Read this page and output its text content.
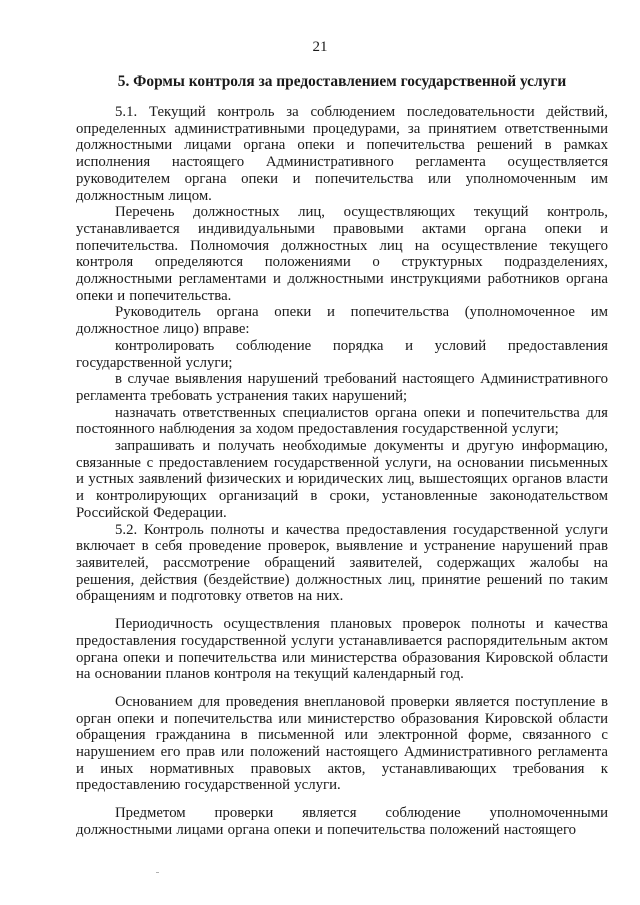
21
5. Формы контроля за предоставлением государственной услуги

5.1. Текущий контроль за соблюдением последовательности действий, определенных административными процедурами, за принятием ответственными должностными лицами органа опеки и попечительства решений в рамках исполнения настоящего Административного регламента осуществляется руководителем органа опеки и попечительства или уполномоченным им должностным лицом.

Перечень должностных лиц, осуществляющих текущий контроль, устанавливается индивидуальными правовыми актами органа опеки и попечительства. Полномочия должностных лиц на осуществление текущего контроля определяются положениями о структурных подразделениях, должностными регламентами и должностными инструкциями работников органа опеки и попечительства.

Руководитель органа опеки и попечительства (уполномоченное им должностное лицо) вправе:

контролировать соблюдение порядка и условий предоставления государственной услуги;

в случае выявления нарушений требований настоящего Административного регламента требовать устранения таких нарушений;

назначать ответственных специалистов органа опеки и попечительства для постоянного наблюдения за ходом предоставления государственной услуги;

запрашивать и получать необходимые документы и другую информацию, связанные с предоставлением государственной услуги, на основании письменных и устных заявлений физических и юридических лиц, вышестоящих органов власти и контролирующих организаций в сроки, установленные законодательством Российской Федерации.

5.2. Контроль полноты и качества предоставления государственной услуги включает в себя проведение проверок, выявление и устранение нарушений прав заявителей, рассмотрение обращений заявителей, содержащих жалобы на решения, действия (бездействие) должностных лиц, принятие решений по таким обращениям и подготовку ответов на них.

Периодичность осуществления плановых проверок полноты и качества предоставления государственной услуги устанавливается распорядительным актом органа опеки и попечительства или министерства образования Кировской области на основании планов контроля на текущий календарный год.

Основанием для проведения внеплановой проверки является поступление в орган опеки и попечительства или министерство образования Кировской области обращения гражданина в письменной или электронной форме, связанного с нарушением его прав или положений настоящего Административного регламента и иных нормативных правовых актов, устанавливающих требования к предоставлению государственной услуги.

Предметом проверки является соблюдение уполномоченными должностными лицами органа опеки и попечительства положений настоящего
